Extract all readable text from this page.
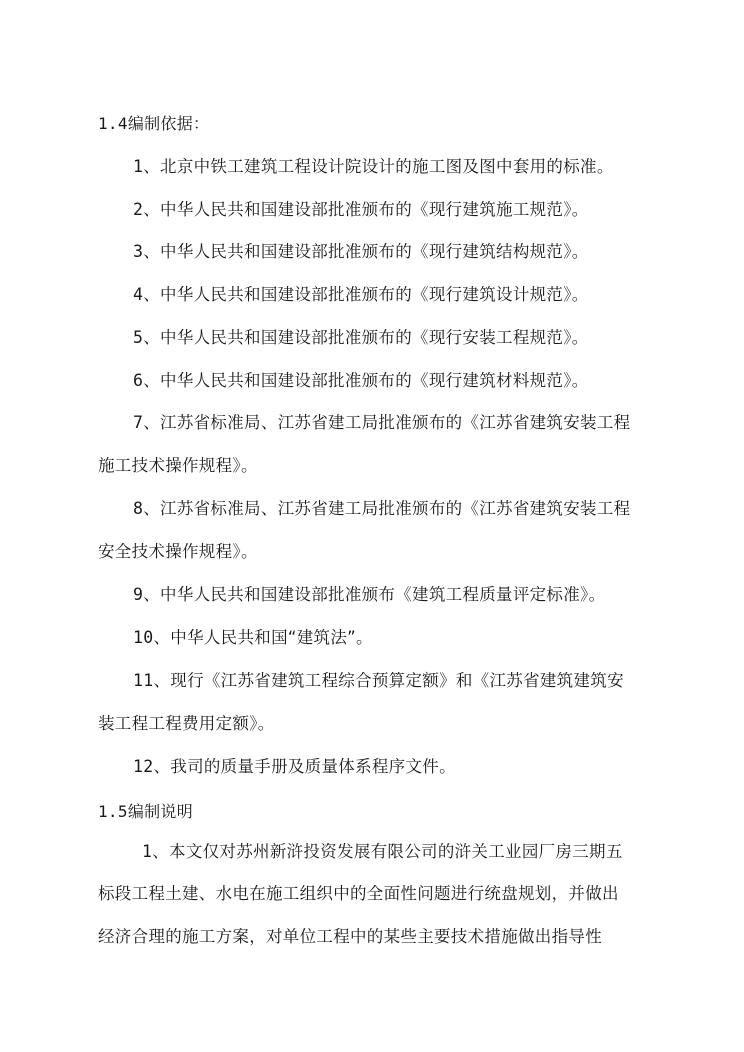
1.4编制依据：
1、北京中铁工建筑工程设计院设计的施工图及图中套用的标准。
2、中华人民共和国建设部批准颁布的《现行建筑施工规范》。
3、中华人民共和国建设部批准颁布的《现行建筑结构规范》。
4、中华人民共和国建设部批准颁布的《现行建筑设计规范》。
5、中华人民共和国建设部批准颁布的《现行安装工程规范》。
6、中华人民共和国建设部批准颁布的《现行建筑材料规范》。
7、江苏省标准局、江苏省建工局批准颁布的《江苏省建筑安装工程
施工技术操作规程》。
8、江苏省标准局、江苏省建工局批准颁布的《江苏省建筑安装工程
安全技术操作规程》。
9、中华人民共和国建设部批准颁布《建筑工程质量评定标准》。
10、中华人民共和国“建筑法”。
11、现行《江苏省建筑工程综合预算定额》和《江苏省建筑建筑安
装工程工程费用定额》。
12、我司的质量手册及质量体系程序文件。
1.5编制说明
1、本文仅对苏州新浒投资发展有限公司的浒关工业园厂房三期五
标段工程土建、水电在施工组织中的全面性问题进行统盘规划，并做出
经济合理的施工方案，对单位工程中的某些主要技术措施做出指导性
